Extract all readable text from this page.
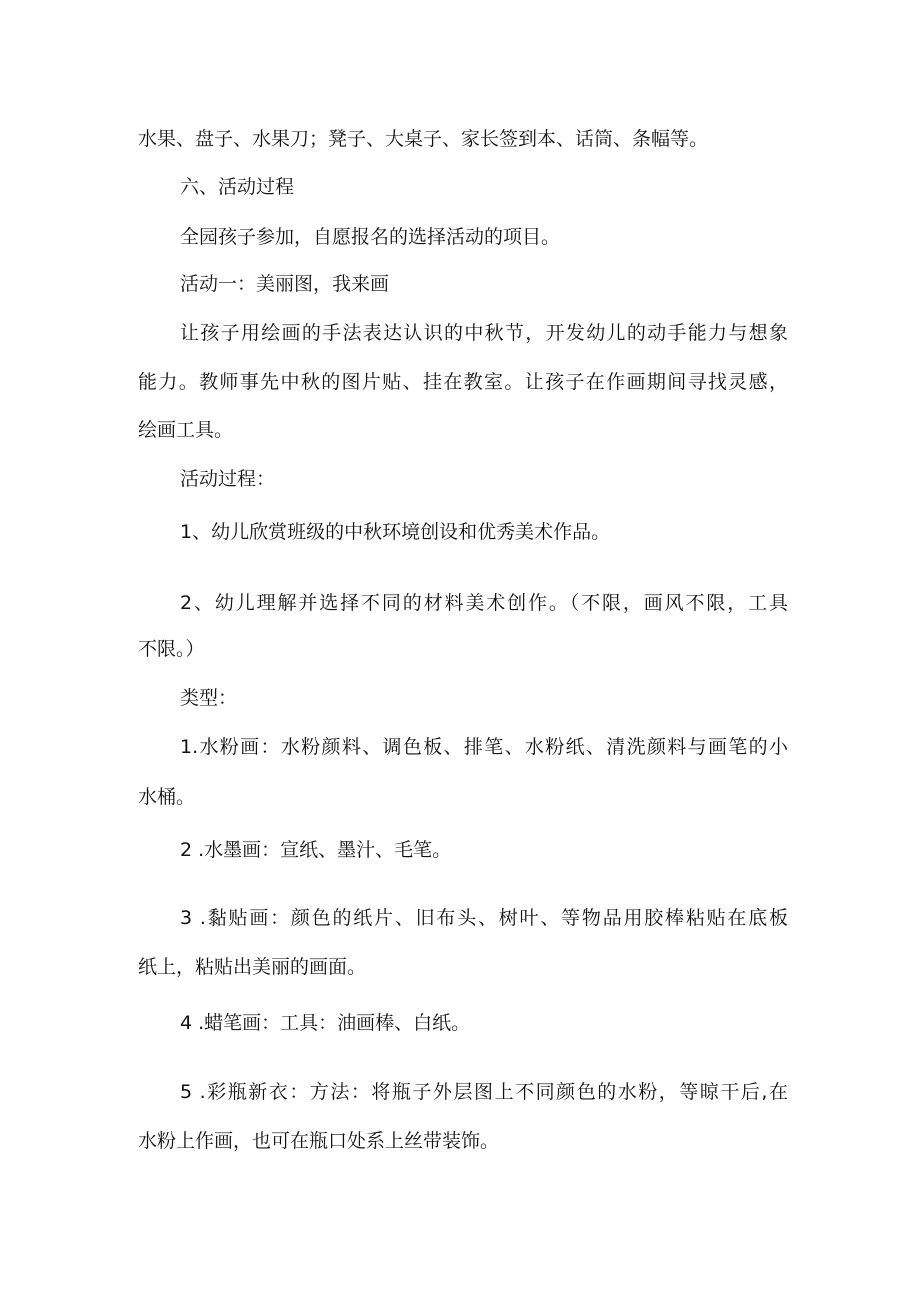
水果、盘子、水果刀；凳子、大桌子、家长签到本、话筒、条幅等。
六、活动过程
全园孩子参加，自愿报名的选择活动的项目。
活动一：美丽图，我来画
让孩子用绘画的手法表达认识的中秋节，开发幼儿的动手能力与想象
能力。教师事先中秋的图片贴、挂在教室。让孩子在作画期间寻找灵感，
绘画工具。
活动过程：
1、幼儿欣赏班级的中秋环境创设和优秀美术作品。
2、幼儿理解并选择不同的材料美术创作。（不限，画风不限，工具
不限。）
类型：
1.水粉画：水粉颜料、调色板、排笔、水粉纸、清洗颜料与画笔的小
水桶。
2 .水墨画：宣纸、墨汁、毛笔。
3 .黏贴画：颜色的纸片、旧布头、树叶、等物品用胶棒粘贴在底板
纸上，粘贴出美丽的画面。
4 .蜡笔画：工具：油画棒、白纸。
5 .彩瓶新衣：方法：将瓶子外层图上不同颜色的水粉，等晾干后,在
水粉上作画，也可在瓶口处系上丝带装饰。
